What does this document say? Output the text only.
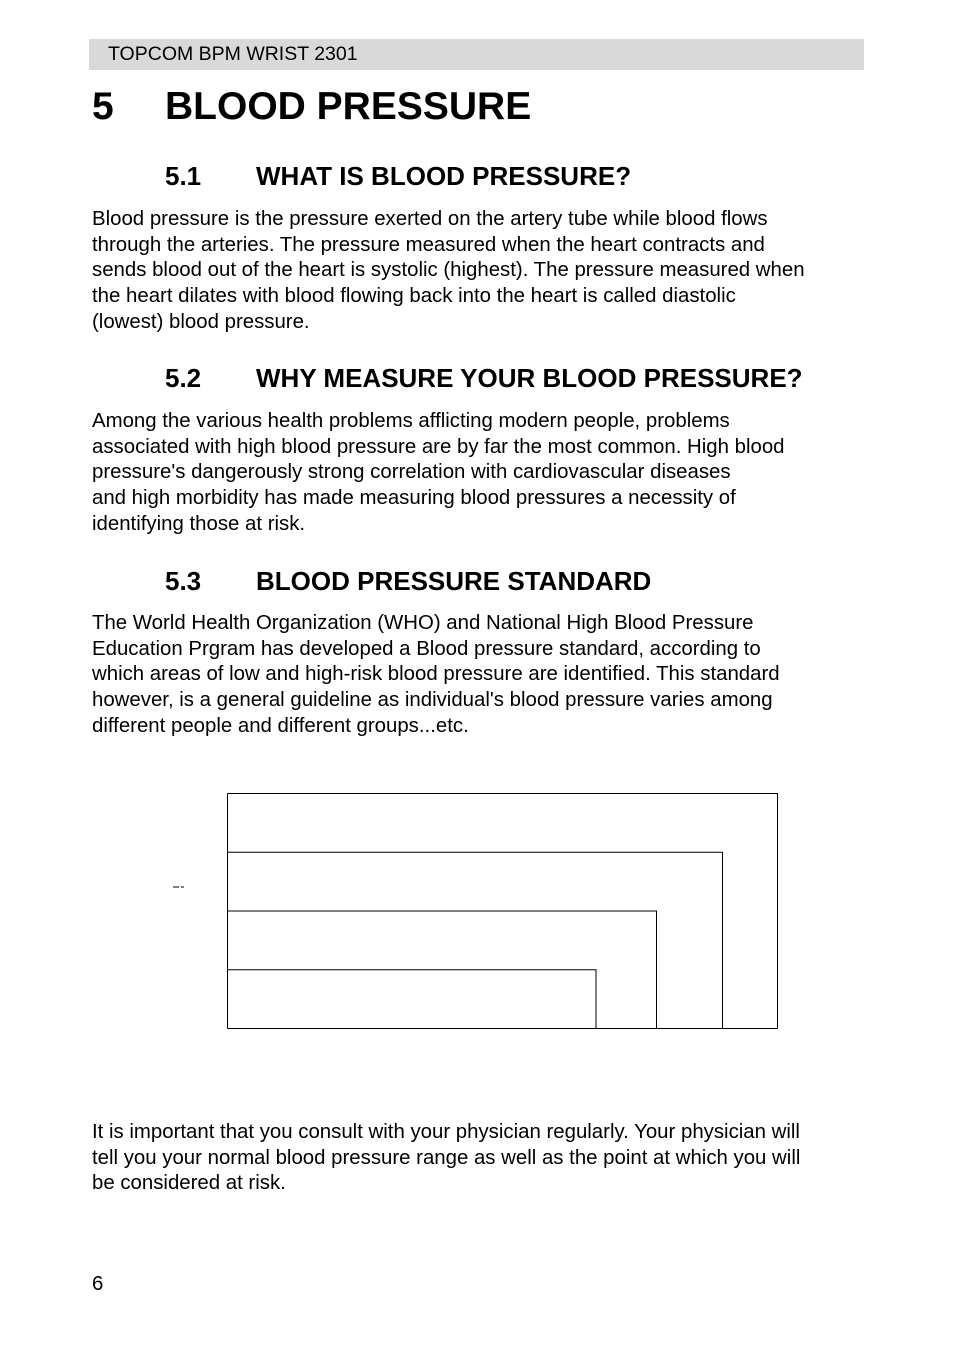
TOPCOM BPM WRIST 2301
5 BLOOD PRESSURE
5.1 WHAT IS BLOOD PRESSURE?
Blood pressure is the pressure exerted on the artery tube while blood flows
through the arteries. The pressure measured when the heart contracts and
sends blood out of the heart is systolic (highest). The pressure measured when
the heart dilates with blood flowing back into the heart is called diastolic
(lowest) blood pressure.
5.2 WHY MEASURE YOUR BLOOD PRESSURE?
Among the various health problems afflicting modern people, problems
associated with high blood pressure are by far the most common. High blood
pressure's dangerously strong correlation with cardiovascular diseases
and high morbidity has made measuring blood pressures a necessity of
identifying those at risk.
5.3 BLOOD PRESSURE STANDARD
The World Health Organization (WHO) and National High Blood Pressure
Education Prgram has developed a Blood pressure standard, according to
which areas of low and high-risk blood pressure are identified. This standard
however, is a general guideline as individual's blood pressure varies among
different people and different groups...etc.
It is important that you consult with your physician regularly. Your physician will
tell you your normal blood pressure range as well as the point at which you will
be considered at risk.
6
